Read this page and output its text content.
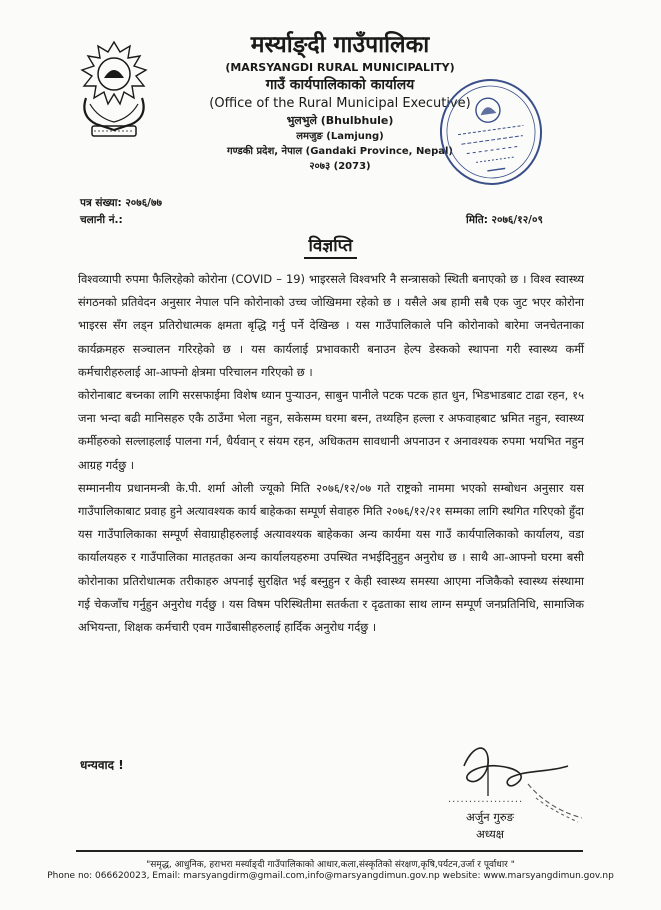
मर्स्याङ्दी गाउँपालिका
(MARSYANGDI RURAL MUNICIPALITY)
गाउँ कार्यपालिकाको कार्यालय
(Office of the Rural Municipal Executive)
भुलभुले (Bhulbhule)
लमजुङ (Lamjung)
गण्डकी प्रदेश, नेपाल (Gandaki Province, Nepal)
२०७३ (2073)
पत्र संख्या: २०७६/७७
चलानी नं.:	मिति: २०७६/१२/०९
विज्ञप्ति

विश्वव्यापी रुपमा फैलिरहेको कोरोना (COVID – 19) भाइरसले विश्वभरि नै सन्त्रासको स्थिती बनाएको छ । विश्व स्वास्थ्य संगठनको प्रतिवेदन अनुसार नेपाल पनि कोरोनाको उच्च जोखिममा रहेको छ । यसैले अब हामी सबै एक जुट भएर कोरोना भाइरस सँग लड्न प्रतिरोधात्मक क्षमता बृद्धि गर्नु पर्ने देखिन्छ । यस गाउँपालिकाले पनि कोरोनाको बारेमा जनचेतनाका कार्यक्रमहरु सञ्चालन गरिरहेको छ । यस कार्यलाई प्रभावकारी बनाउन हेल्प डेस्कको स्थापना गरी स्वास्थ्य कर्मी कर्मचारीहरुलाई आ-आफ्नो क्षेत्रमा परिचालन गरिएको छ ।

कोरोनाबाट बच्नका लागि सरसफाईमा विशेष ध्यान पुर्‍याउन, साबुन पानीले पटक पटक हात धुन, भिडभाडबाट टाढा रहन, १५ जना भन्दा बढी मानिसहरु एकै ठाउँमा भेला नहुन, सकेसम्म घरमा बस्न, तथ्यहिन हल्ला र अफवाहबाट भ्रमित नहुन, स्वास्थ्य कर्मीहरुको सल्लाहलाई पालना गर्न, धैर्यवान् र संयम रहन, अधिकतम सावधानी अपनाउन र अनावश्यक रुपमा भयभित नहुन आग्रह गर्दछु ।

सम्माननीय प्रधानमन्त्री के.पी. शर्मा ओली ज्यूको मिति २०७६/१२/०७ गते राष्ट्रको नाममा भएको सम्बोधन अनुसार यस गाउँपालिकाबाट प्रवाह हुने अत्यावश्यक कार्य बाहेकका सम्पूर्ण सेवाहरु मिति २०७६/१२/२१ सम्मका लागि स्थगित गरिएको हुँदा यस गाउँपालिकाका सम्पूर्ण सेवाग्राहीहरुलाई अत्यावश्यक बाहेकका अन्य कार्यमा यस गाउँ कार्यपालिकाको कार्यालय, वडा कार्यालयहरु र गाउँपालिका मातहतका अन्य कार्यालयहरुमा उपस्थित नभईदिनुहुन अनुरोध छ । साथै आ-आफ्नो घरमा बसी कोरोनाका प्रतिरोधात्मक तरीकाहरु अपनाई सुरक्षित भई बस्नुहुन र केही स्वास्थ्य समस्या आएमा नजिकैको स्वास्थ्य संस्थामा गई चेकजाँच गर्नुहुन अनुरोध गर्दछु । यस विषम परिस्थितीमा सतर्कता र दृढताका साथ लाग्न सम्पूर्ण जनप्रतिनिधि, सामाजिक अभियन्ता, शिक्षक कर्मचारी एवम गाउँबासीहरुलाई हार्दिक अनुरोध गर्दछु ।

धन्यवाद !
..................
अर्जुन गुरुङ
अध्यक्ष
"समृद्ध, आधुनिक, हराभरा मर्स्याङ्दी गाउँपालिकाको आधार,कला,संस्कृतिको संरक्षण,कृषि,पर्यटन,उर्जा र पूर्वाधार "
Phone no: 066620023, Email: marsyangdirm@gmail.com,info@marsyangdimun.gov.np website: www.marsyangdimun.gov.np
